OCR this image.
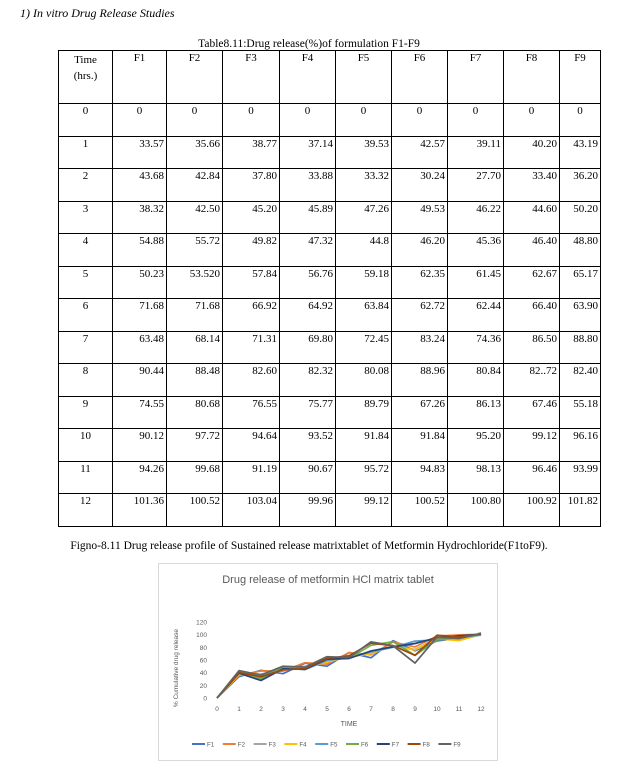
1) In vitro Drug Release Studies
Table8.11:Drug release(%)of formulation F1-F9
Time
(hrs.)	F1	F2	F3	F4	F5	F6	F7	F8	F9
0	0	0	0	0	0	0	0	0	0
1	33.57	35.66	38.77	37.14	39.53	42.57	39.11	40.20	43.19
2	43.68	42.84	37.80	33.88	33.32	30.24	27.70	33.40	36.20
3	38.32	42.50	45.20	45.89	47.26	49.53	46.22	44.60	50.20
4	54.88	55.72	49.82	47.32	44.8	46.20	45.36	46.40	48.80
5	50.23	53.520	57.84	56.76	59.18	62.35	61.45	62.67	65.17
6	71.68	71.68	66.92	64.92	63.84	62.72	62.44	66.40	63.90
7	63.48	68.14	71.31	69.80	72.45	83.24	74.36	86.50	88.80
8	90.44	88.48	82.60	82.32	80.08	88.96	80.84	82..72	82.40
9	74.55	80.68	76.55	75.77	89.79	67.26	86.13	67.46	55.18
10	90.12	97.72	94.64	93.52	91.84	91.84	95.20	99.12	96.16
11	94.26	99.68	91.19	90.67	95.72	94.83	98.13	96.46	93.99
12	101.36	100.52	103.04	99.96	99.12	100.52	100.80	100.92	101.82
Figno-8.11 Drug release profile of Sustained release matrixtablet of Metformin Hydrochloride(F1toF9).
Drug release of metformin HCl matrix tablet
0
20
40
60
80
100
120
0	1	2	3	4	5	6	7	8	9	10 11 12
TIME
% Cumulative drug release
F1	F2	F3	F4	F5	F6	F7	F8	F9
